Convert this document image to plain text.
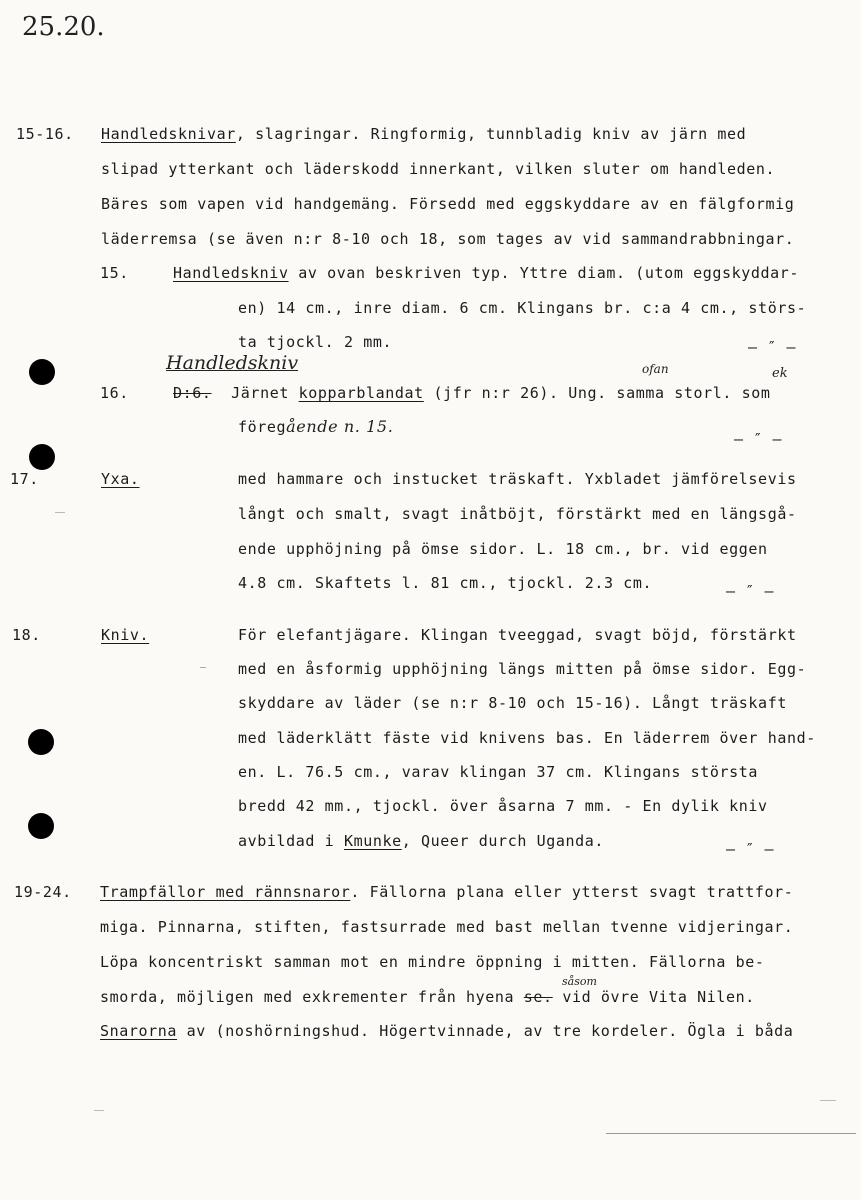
25.20.
15-16. Handledsknivar, slagringar. Ringformig, tunnbladig kniv av järn med
slipad ytterkant och läderskodd innerkant, vilken sluter om handleden.
Bäres som vapen vid handgemäng. Försedd med eggskyddare av en fälgformig
läderremsa (se även n:r 8-10 och 18, som tages av vid sammandrabbningar.
15.	Handledskniv av ovan beskriven typ. Yttre diam. (utom eggskyddar-
en) 14 cm., inre diam. 6 cm. Klingans br. c:a 4 cm., störs-
ta tjockl. 2 mm.	— ″ —
Handledskniv
16.	D:6. Järnet kopparblandat (jfr n:r 26). Ung. samma storl. som
ofan	ek
föregående n. 15.
— ″ —
17.	Yxa.	med hammare och instucket träskaft. Yxbladet jämförelsevis
långt och smalt, svagt inåtböjt, förstärkt med en längsgå-
ende upphöjning på ömse sidor. L. 18 cm., br. vid eggen
4.8 cm. Skaftets l. 81 cm., tjockl. 2.3 cm.	— ″ —
18.	Kniv.	För elefantjägare. Klingan tveeggad, svagt böjd, förstärkt
med en åsformig upphöjning längs mitten på ömse sidor. Egg-
skyddare av läder (se n:r 8-10 och 15-16). Långt träskaft
med läderklätt fäste vid knivens bas. En läderrem över hand-
en. L. 76.5 cm., varav klingan 37 cm. Klingans största
bredd 42 mm., tjockl. över åsarna 7 mm. - En dylik kniv
avbildad i Kmunke, Queer durch Uganda.	— ″ —
19-24. Trampfällor med rännsnaror. Fällorna plana eller ytterst svagt trattfor-
miga. Pinnarna, stiften, fastsurrade med bast mellan tvenne vidjeringar.
Löpa koncentriskt samman mot en mindre öppning i mitten. Fällorna be-
såsom
smorda, möjligen med exkrementer från hyena se. vid övre Vita Nilen.
Snarorna av (noshörningshud. Högertvinnade, av tre kordeler. Ögla i båda
